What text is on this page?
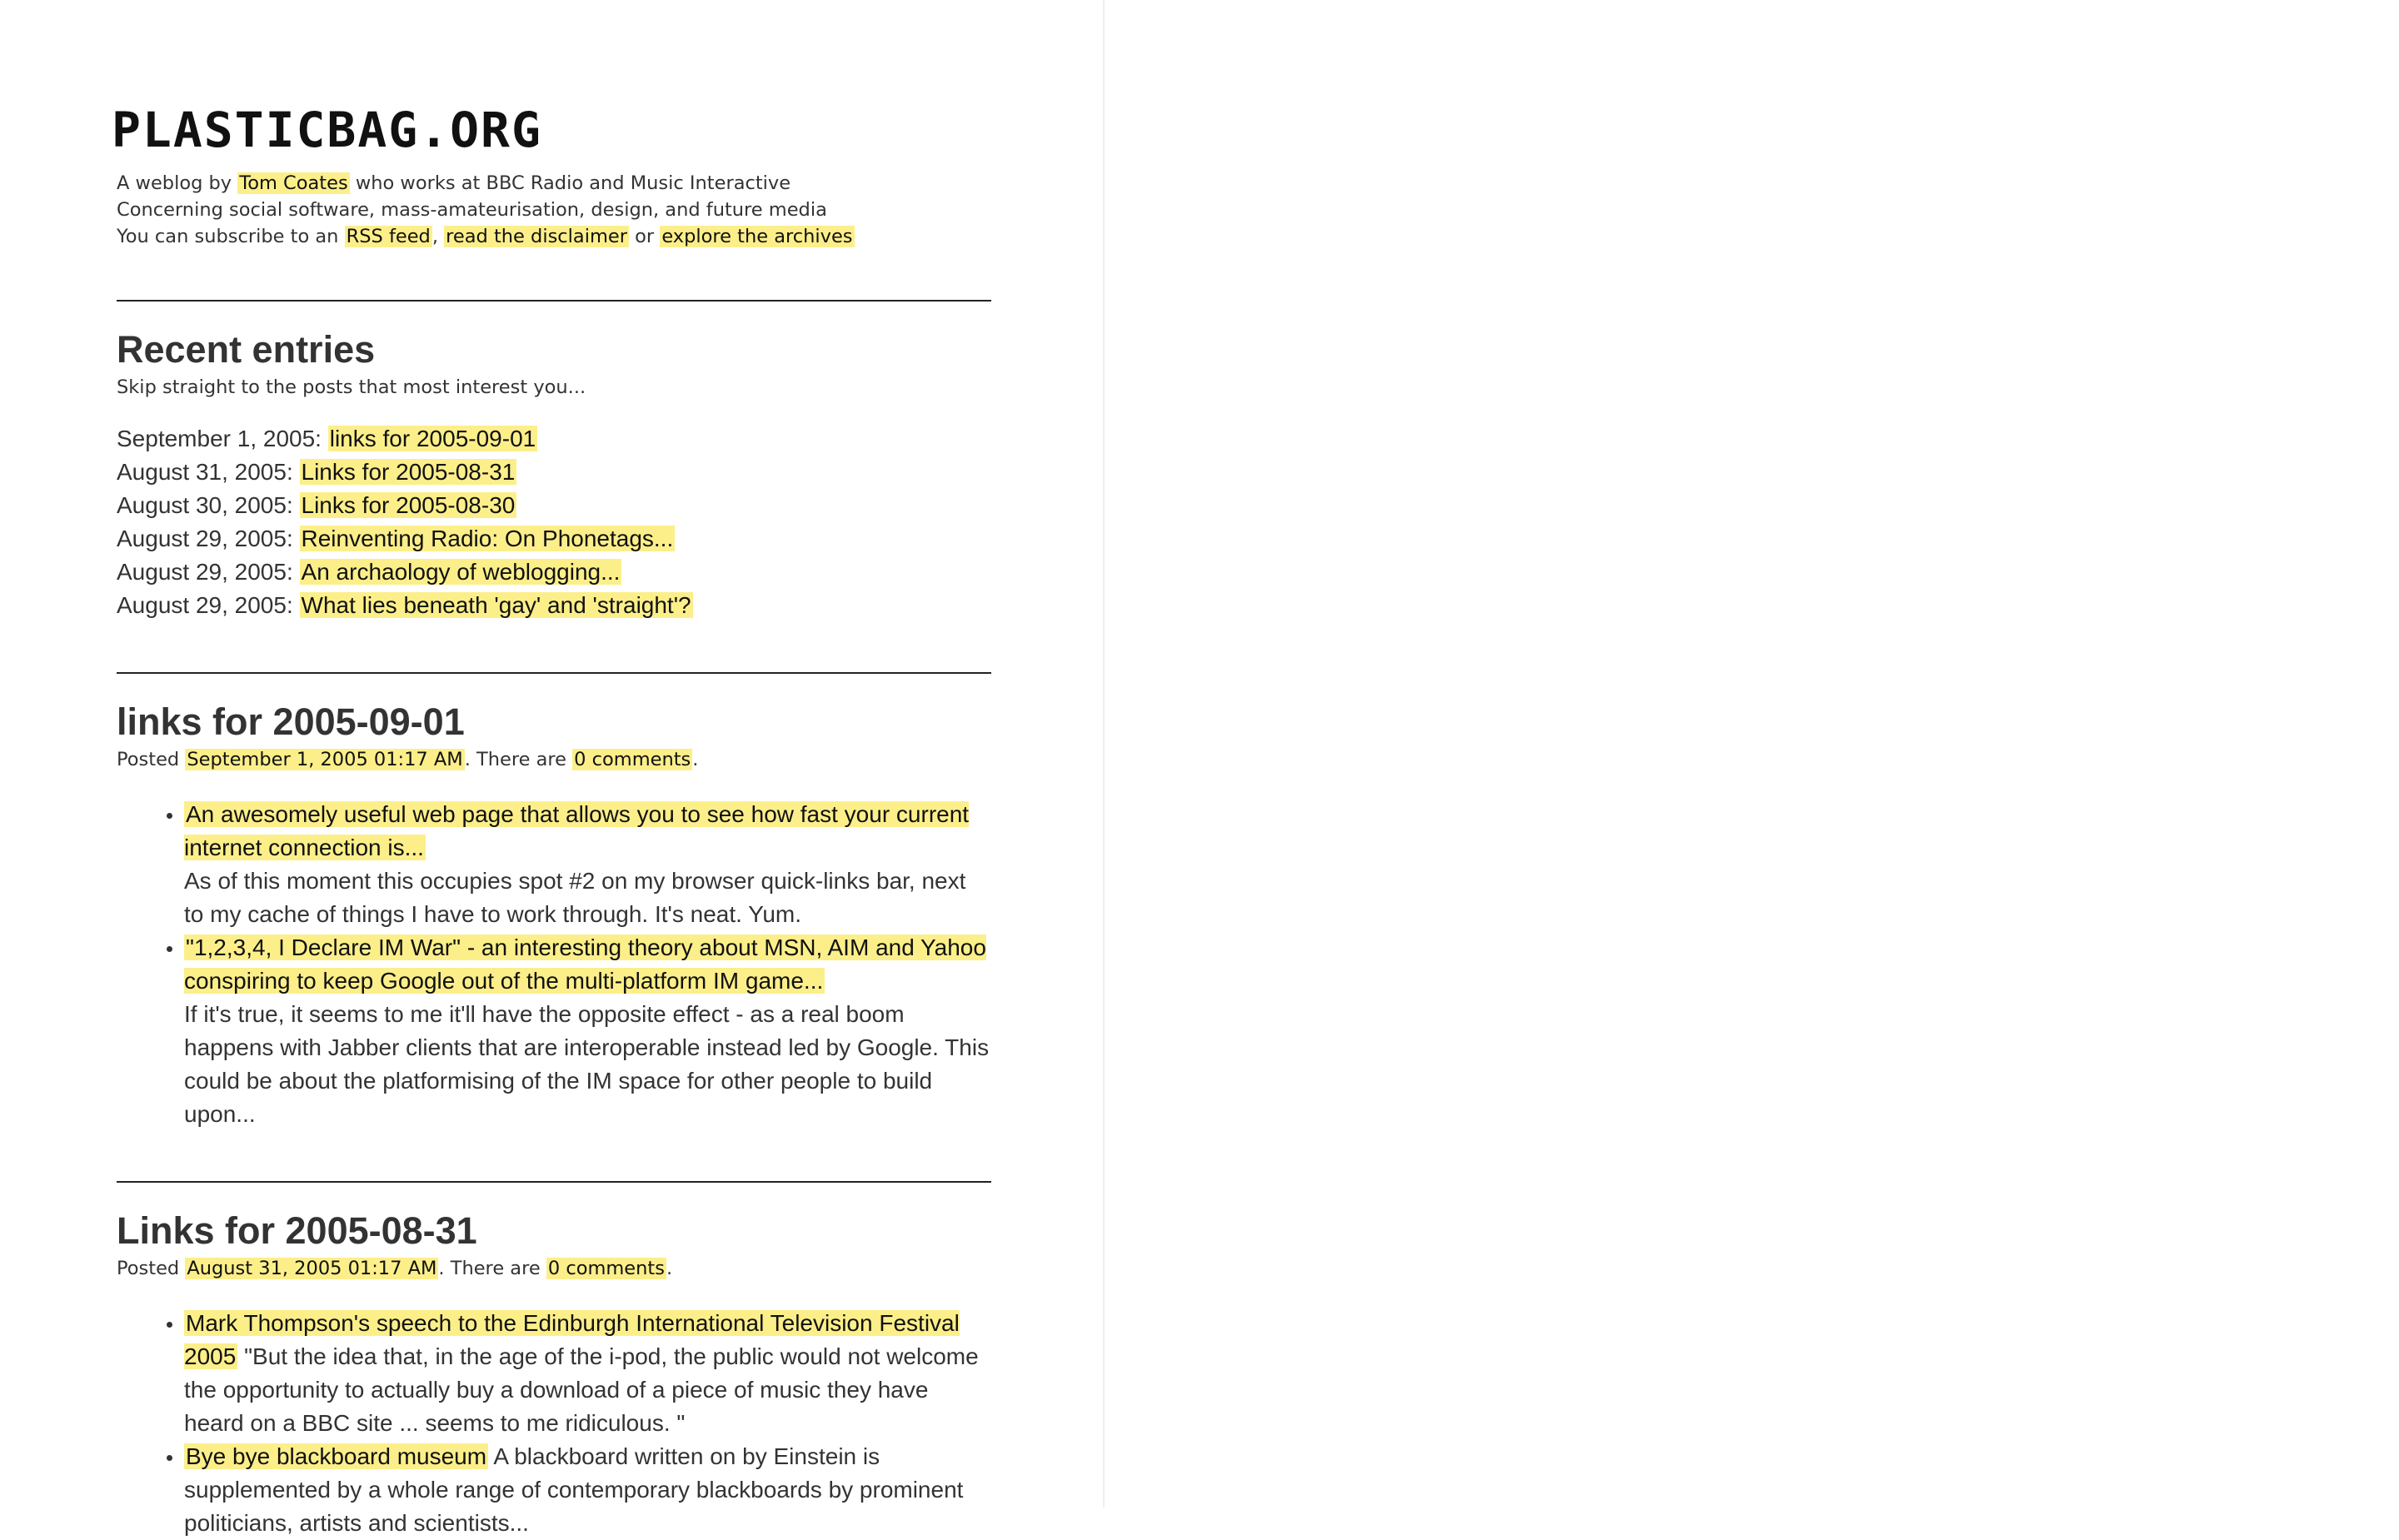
PLASTICBAG.ORG
A weblog by Tom Coates who works at BBC Radio and Music Interactive
Concerning social software, mass-amateurisation, design, and future media
You can subscribe to an RSS feed, read the disclaimer or explore the archives
Recent entries
Skip straight to the posts that most interest you...
September 1, 2005: links for 2005-09-01
August 31, 2005: Links for 2005-08-31
August 30, 2005: Links for 2005-08-30
August 29, 2005: Reinventing Radio: On Phonetags...
August 29, 2005: An archaology of weblogging...
August 29, 2005: What lies beneath 'gay' and 'straight'?
links for 2005-09-01
Posted September 1, 2005 01:17 AM. There are 0 comments.
• An awesomely useful web page that allows you to see how fast your current internet connection is...
As of this moment this occupies spot #2 on my browser quick-links bar, next to my cache of things I have to work through. It's neat. Yum.
• "1,2,3,4, I Declare IM War" - an interesting theory about MSN, AIM and Yahoo conspiring to keep Google out of the multi-platform IM game...
If it's true, it seems to me it'll have the opposite effect - as a real boom happens with Jabber clients that are interoperable instead led by Google. This could be about the platformising of the IM space for other people to build upon...
Links for 2005-08-31
Posted August 31, 2005 01:17 AM. There are 0 comments.
• Mark Thompson's speech to the Edinburgh International Television Festival 2005 "But the idea that, in the age of the i-pod, the public would not welcome the opportunity to actually buy a download of a piece of music they have heard on a BBC site ... seems to me ridiculous. "
• Bye bye blackboard museum A blackboard written on by Einstein is supplemented by a whole range of contemporary blackboards by prominent politicians, artists and scientists...
